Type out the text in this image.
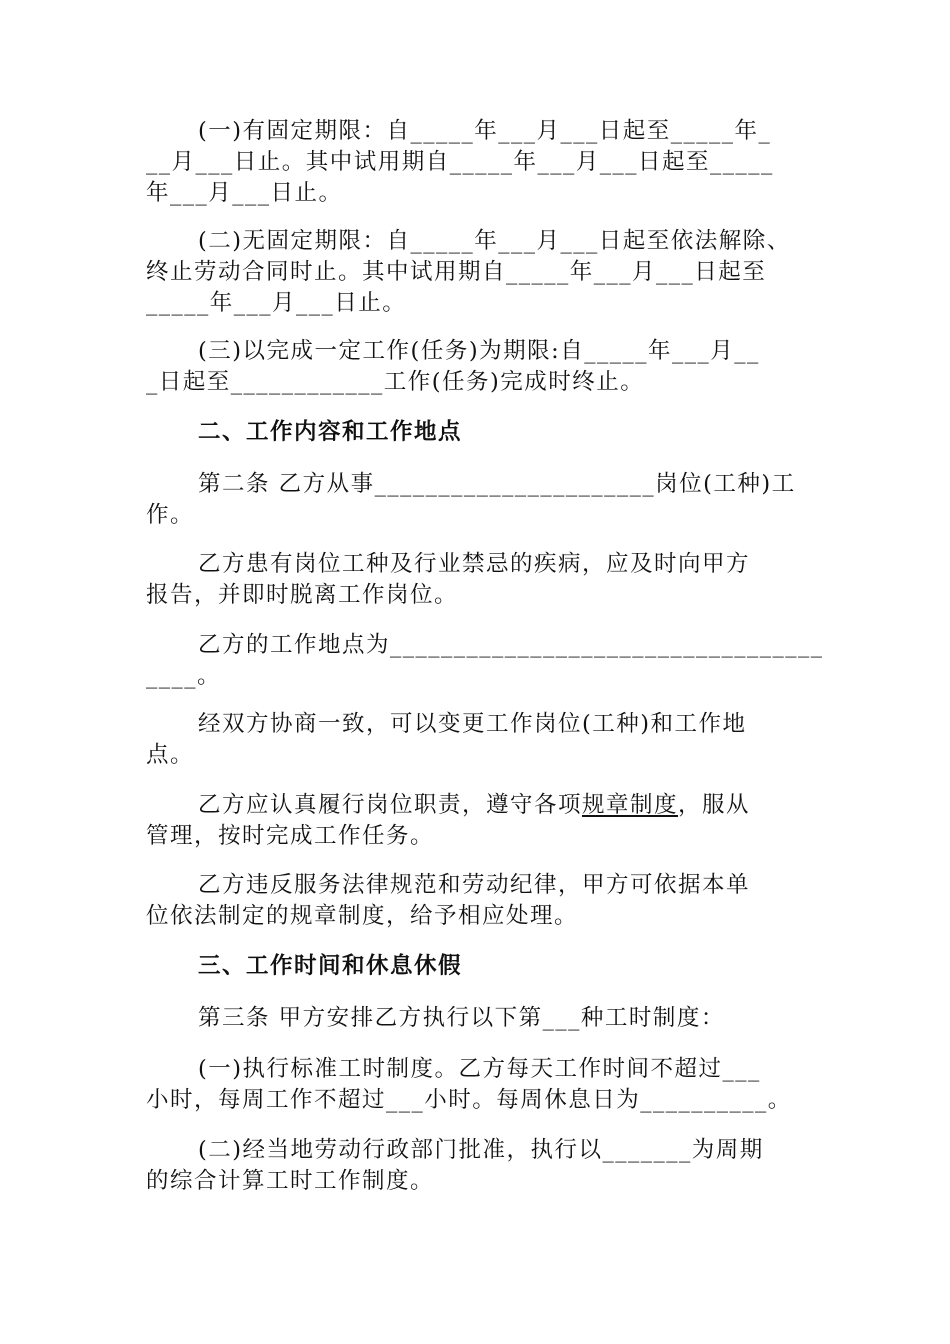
(一)有固定期限：自_____年___月___日起至_____年_
__月___日止。其中试用期自_____年___月___日起至_____
年___月___日止。

(二)无固定期限：自_____年___月___日起至依法解除、
终止劳动合同时止。其中试用期自_____年___月___日起至
_____年___月___日止。

(三)以完成一定工作(任务)为期限:自_____年___月__
_日起至____________工作(任务)完成时终止。

二、工作内容和工作地点

第二条 乙方从事______________________岗位(工种)工
作。

乙方患有岗位工种及行业禁忌的疾病，应及时向甲方
报告，并即时脱离工作岗位。

乙方的工作地点为__________________________________
____。

经双方协商一致，可以变更工作岗位(工种)和工作地
点。

乙方应认真履行岗位职责，遵守各项规章制度，服从
管理，按时完成工作任务。

乙方违反服务法律规范和劳动纪律，甲方可依据本单
位依法制定的规章制度，给予相应处理。

三、工作时间和休息休假

第三条 甲方安排乙方执行以下第___种工时制度：

(一)执行标准工时制度。乙方每天工作时间不超过___
小时，每周工作不超过___小时。每周休息日为__________。

(二)经当地劳动行政部门批准，执行以_______为周期
的综合计算工时工作制度。
